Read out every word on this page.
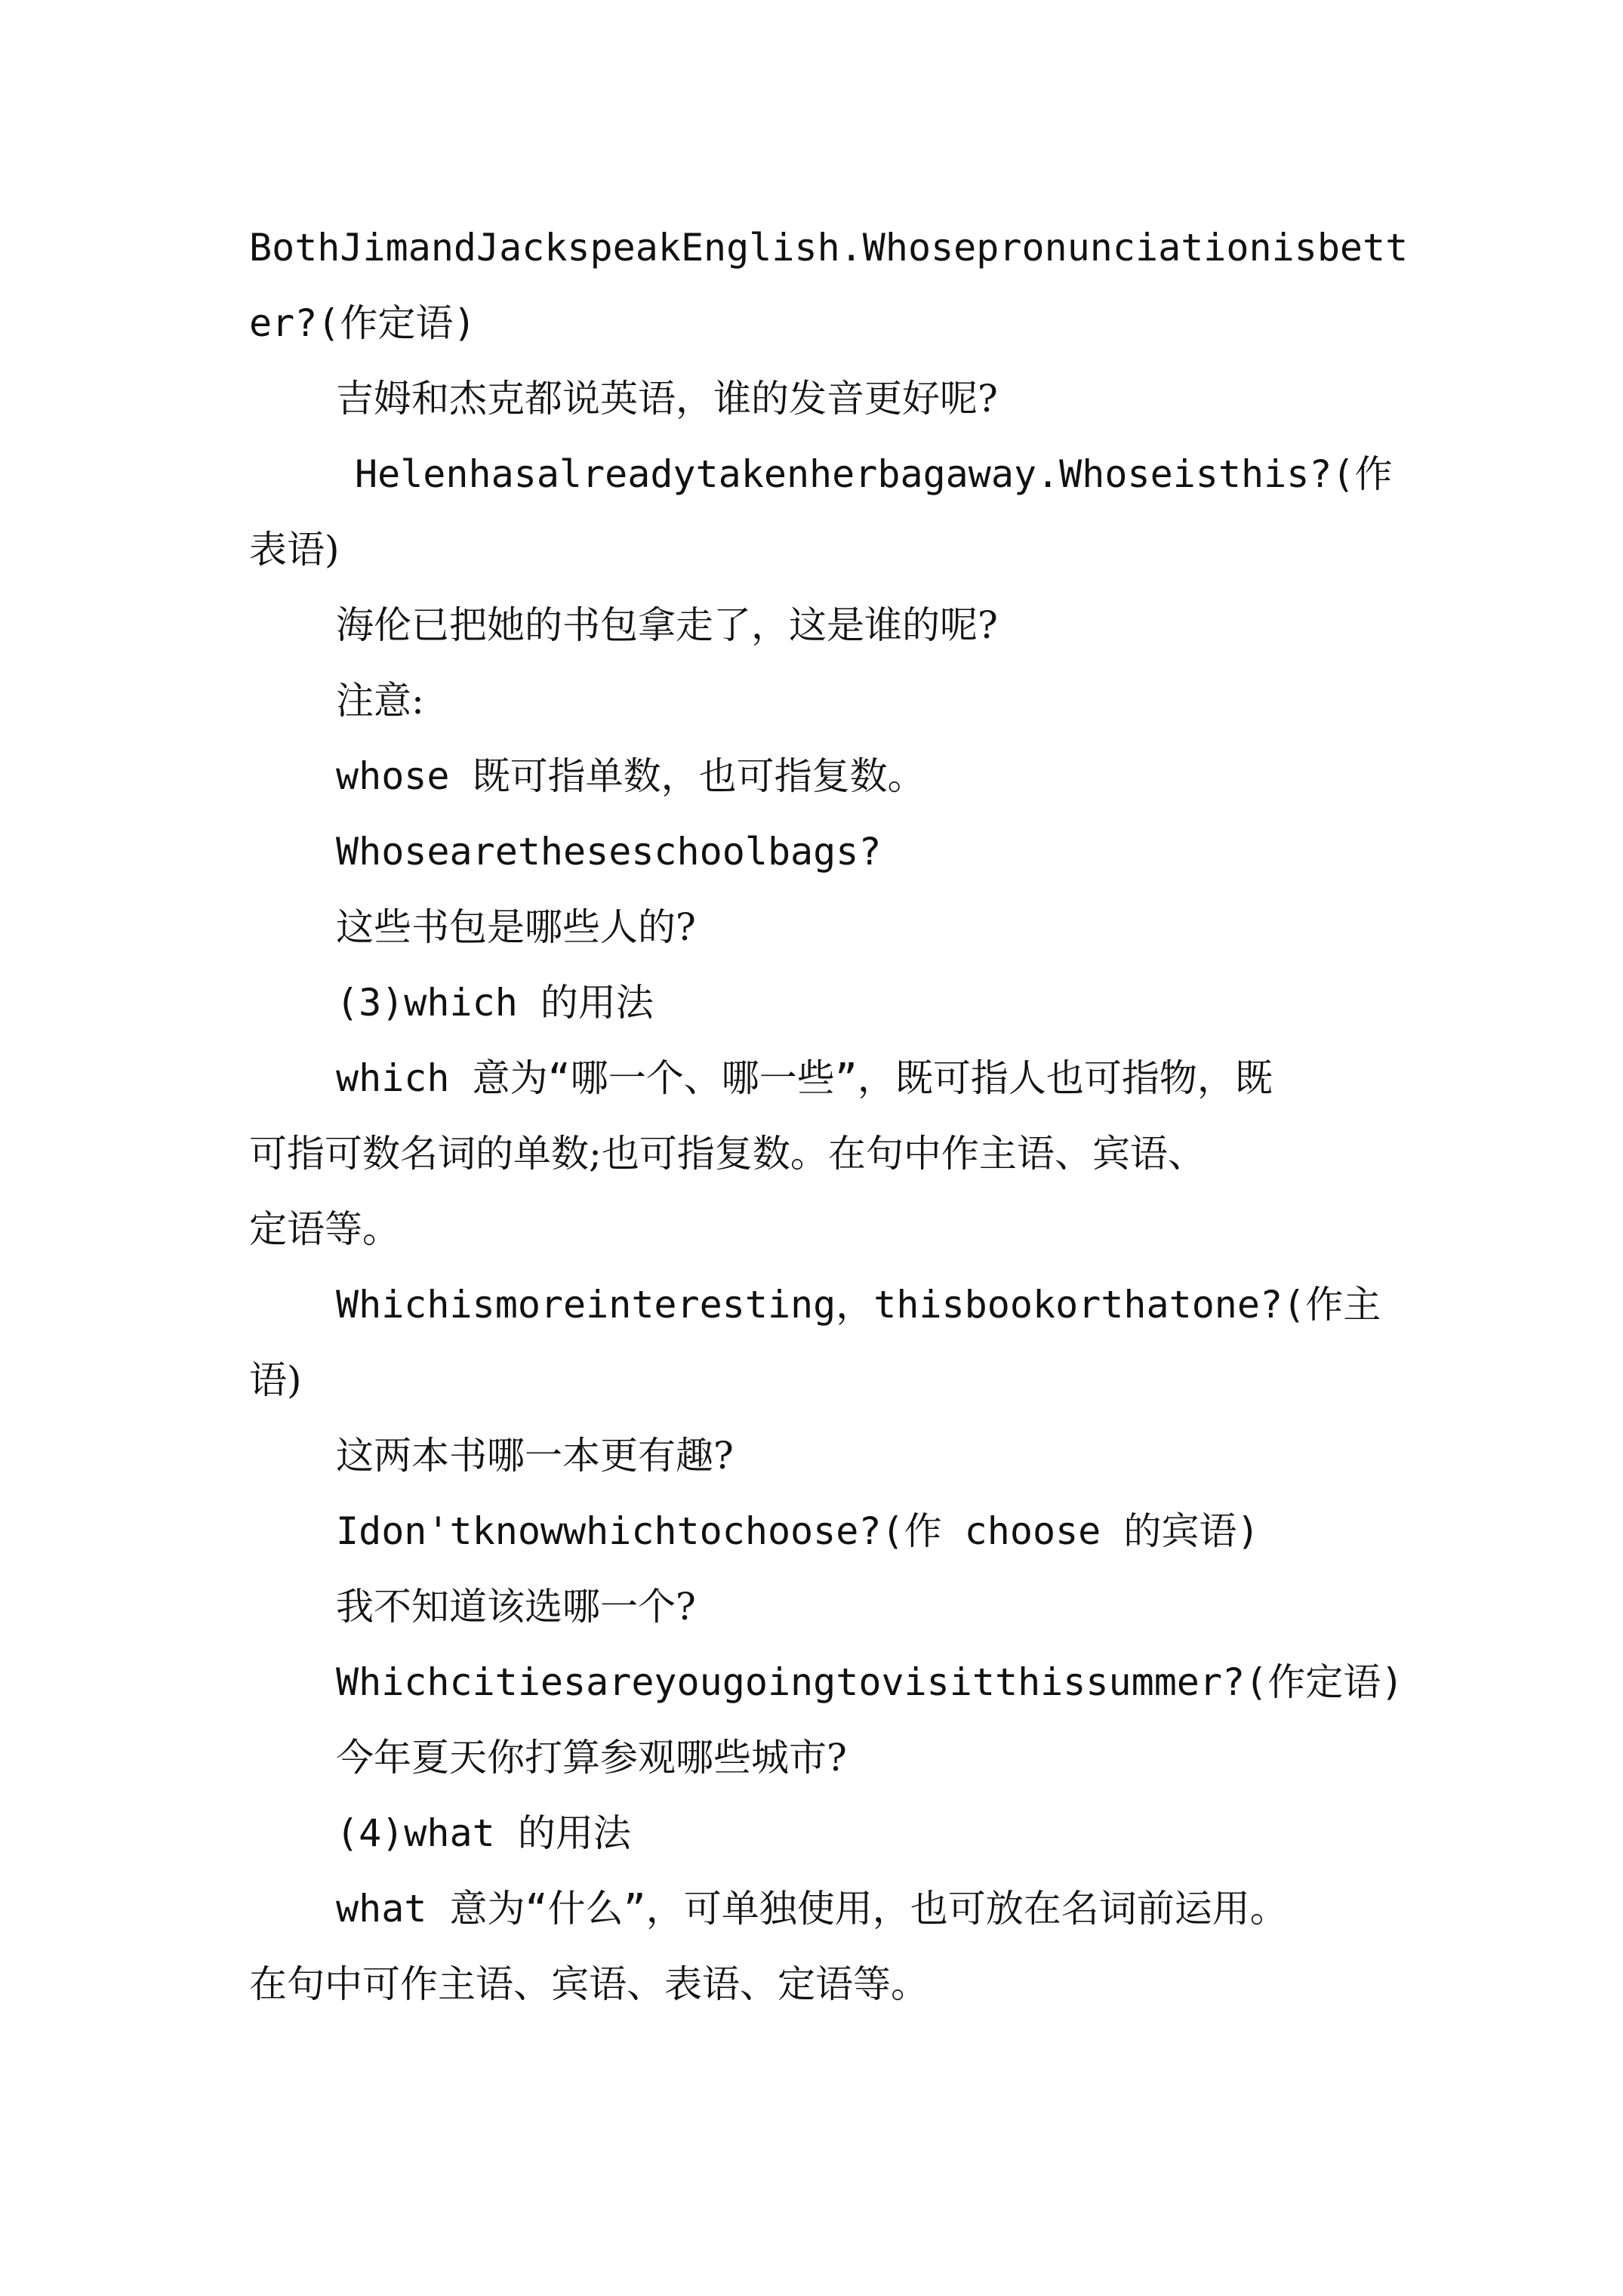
BothJimandJackspeakEnglish.Whosepronunciationisbett

er?(作定语)

吉姆和杰克都说英语，谁的发音更好呢?

Helenhasalreadytakenherbagaway.Whoseisthis?(作

表语)

海伦已把她的书包拿走了，这是谁的呢?

注意:

whose 既可指单数，也可指复数。

Whosearetheseschoolbags?

这些书包是哪些人的?

(3)which 的用法

which 意为“哪一个、哪一些”，既可指人也可指物，既

可指可数名词的单数;也可指复数。在句中作主语、宾语、

定语等。

Whichismoreinteresting，thisbookorthatone?(作主

语)

这两本书哪一本更有趣?

Idon'tknowwhichtochoose?(作 choose 的宾语)

我不知道该选哪一个?

Whichcitiesareyougoingtovisitthissummer?(作定语)

今年夏天你打算参观哪些城市?

(4)what 的用法

what 意为“什么”，可单独使用，也可放在名词前运用。

在句中可作主语、宾语、表语、定语等。
